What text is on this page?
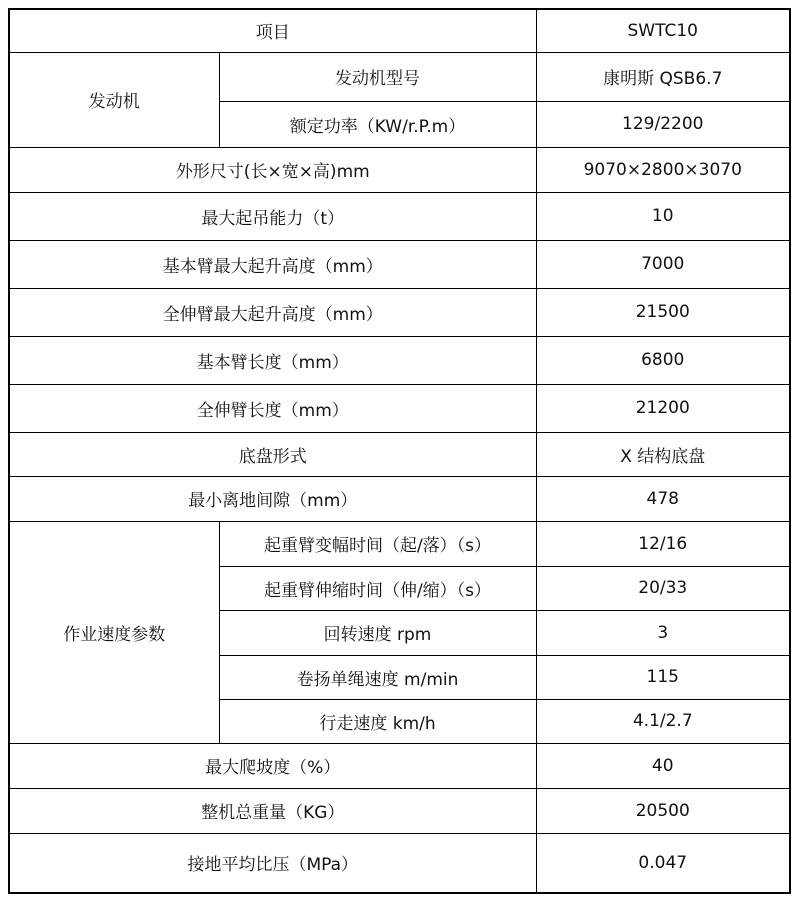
项目		SWTC10
发动机	发动机型号	康明斯 QSB6.7
	额定功率（KW/r.P.m）	129/2200
外形尺寸(长×宽×高)mm		9070×2800×3070
最大起吊能力（t）		10
基本臂最大起升高度（mm）		7000
全伸臂最大起升高度（mm）		21500
基本臂长度（mm）		6800
全伸臂长度（mm）		21200
底盘形式		X 结构底盘
最小离地间隙（mm）		478
作业速度参数	起重臂变幅时间（起/落）（s）	12/16
	起重臂伸缩时间（伸/缩）（s）	20/33
	回转速度 rpm	3
	卷扬单绳速度 m/min	115
	行走速度 km/h	4.1/2.7
最大爬坡度（%）		40
整机总重量（KG）		20500
接地平均比压（MPa）		0.047
